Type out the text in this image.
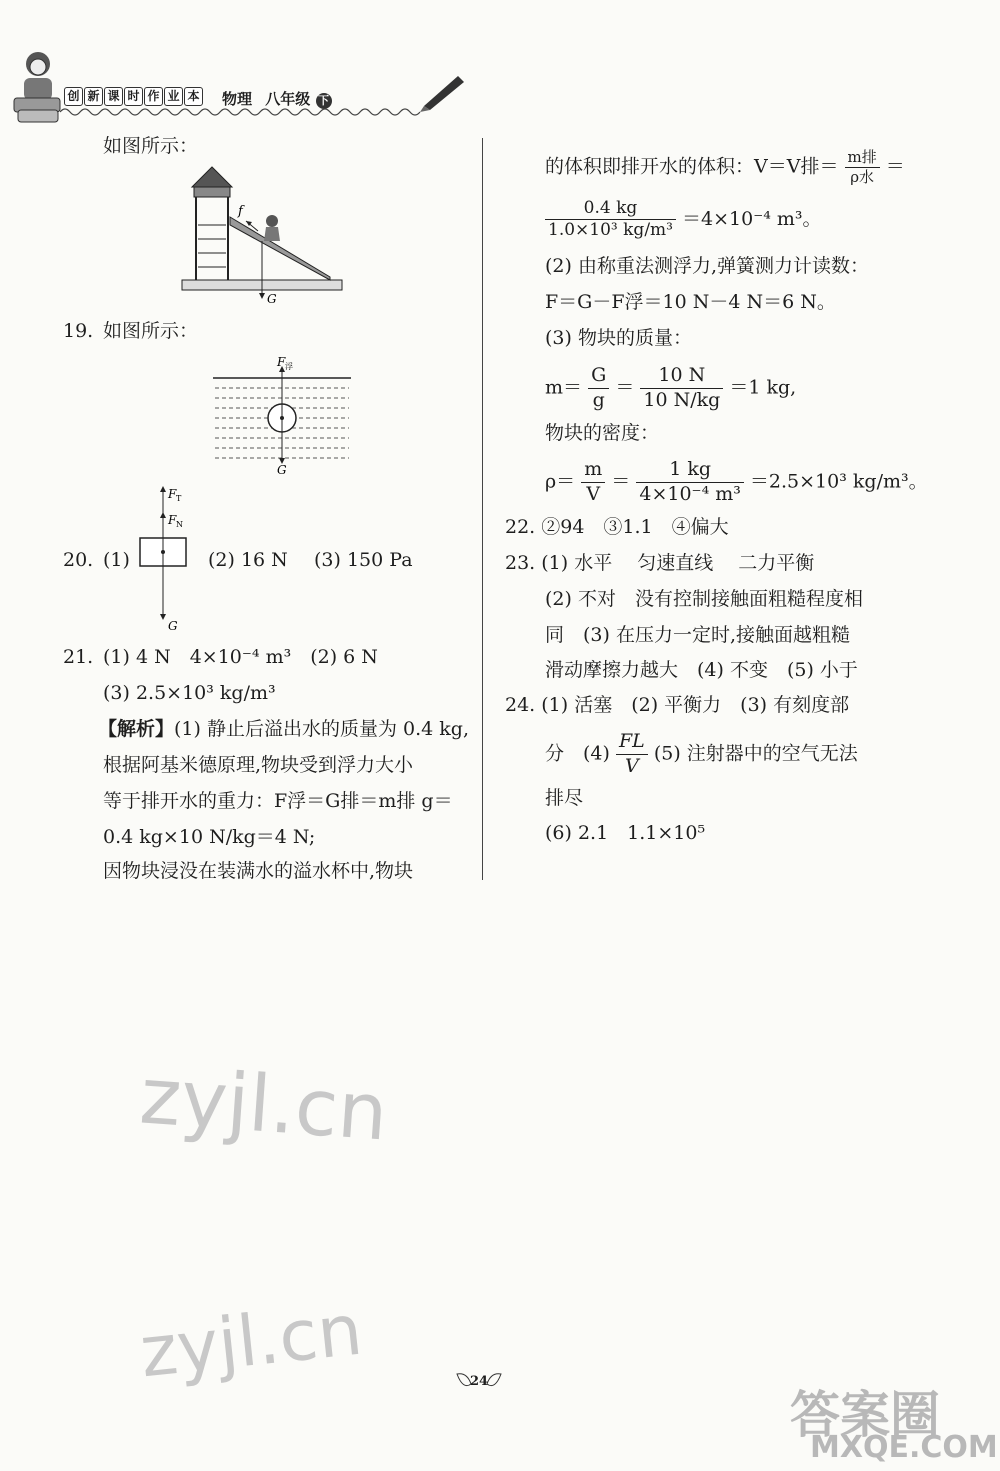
创 新 课 时 作 业 本	物理 八年级 下
如图所示：
f
G
19. 如图所示：
F 浮
G
F T
F N
G
20. (1)	(2) 16 N (3) 150 Pa
21. (1) 4 N　4×10⁻⁴ m³　(2) 6 N
(3) 2.5×10³ kg/m³
【解析】(1) 静止后溢出水的质量为 0.4 kg,
根据阿基米德原理,物块受到浮力大小
等于排开水的重力：F浮＝G排＝m排 g＝
0.4 kg×10 N/kg＝4 N;
因物块浸没在装满水的溢水杯中,物块
的体积即排开水的体积：V＝V排＝ $\frac{\text{m排}}{\text{ρ水}}$ ＝
$\frac{0.4 kg}{\text{1.0×10³ kg/m³}} =4\times 10^{-4}$ m³。
(2) 由称重法测浮力,弹簧测力计读数：
F＝G－F浮＝10 N－4 N＝6 N。
(3) 物块的质量：
$m= \frac{G}{g} = \frac{10 N}{10 N/kg} =1$ kg,
物块的密度：
$\rho= \frac{m}{V} = \frac{1 kg}{\text{4×10⁻⁴ m³}} =2.5\times 10^3$ kg/m³。
22. ②94　③1.1　④偏大
23. (1) 水平　 匀速直线　 二力平衡
(2) 不对　没有控制接触面粗糙程度相
同　(3) 在压力一定时,接触面越粗糙
滑动摩擦力越大　(4) 不变　(5) 小于
24. (1) 活塞　(2) 平衡力　(3) 有刻度部
分　$(4) \frac{FL}{V} (5)$ 注射器中的空气无法
排尽
(6) 2.1　1.1×10⁵
zyjl.cn
zyjl.cn
答案圈
MXQE.COM
24
